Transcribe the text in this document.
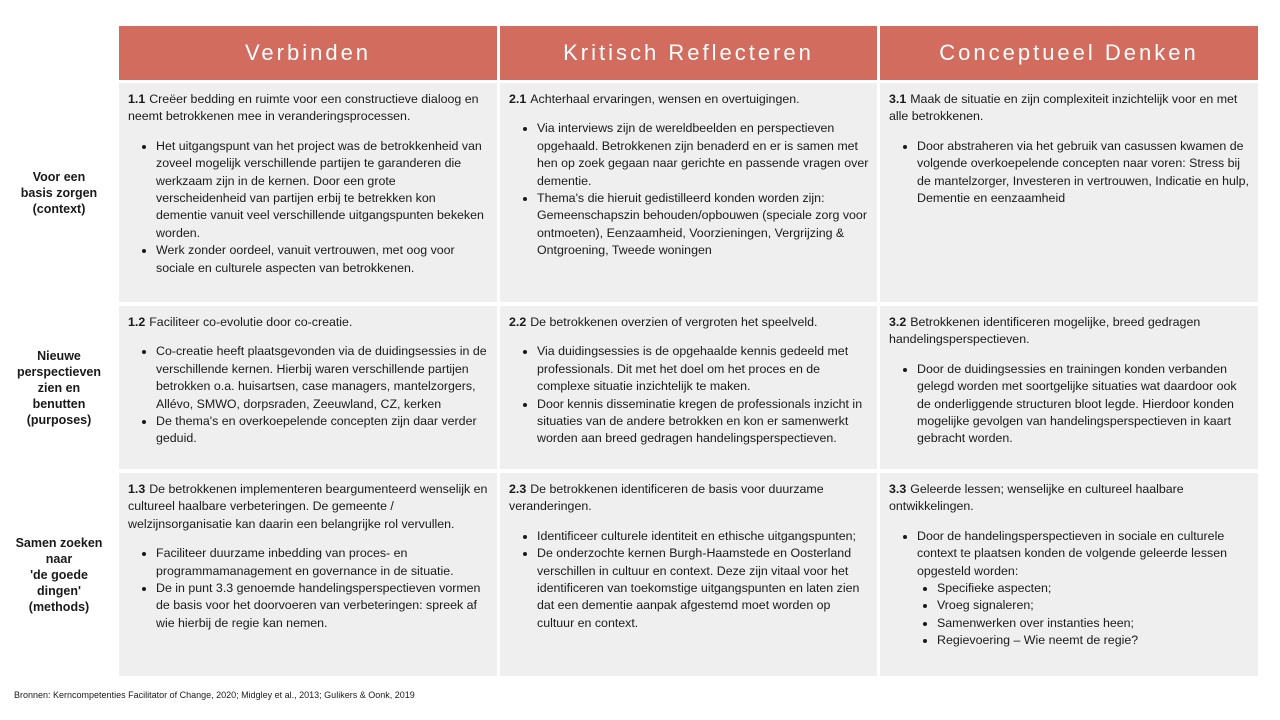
Verbinden	Kritisch Reflecteren	Conceptueel Denken
Voor een
basis zorgen
(context)

1.1 Creëer bedding en ruimte voor een constructieve dialoog en neemt betrokkenen mee in veranderingsprocessen.

• Het uitgangspunt van het project was de betrokkenheid van zoveel mogelijk verschillende partijen te garanderen die werkzaam zijn in de kernen. Door een grote verscheidenheid van partijen erbij te betrekken kon dementie vanuit veel verschillende uitgangspunten bekeken worden.
• Werk zonder oordeel, vanuit vertrouwen, met oog voor sociale en culturele aspecten van betrokkenen.

2.1 Achterhaal ervaringen, wensen en overtuigingen.

• Via interviews zijn de wereldbeelden en perspectieven opgehaald. Betrokkenen zijn benaderd en er is samen met hen op zoek gegaan naar gerichte en passende vragen over dementie.
• Thema's die hieruit gedistilleerd konden worden zijn: Gemeenschapszin behouden/opbouwen (speciale zorg voor ontmoeten), Eenzaamheid, Voorzieningen, Vergrijzing & Ontgroening, Tweede woningen

3.1 Maak de situatie en zijn complexiteit inzichtelijk voor en met alle betrokkenen.

• Door abstraheren via het gebruik van casussen kwamen de volgende overkoepelende concepten naar voren: Stress bij de mantelzorger, Investeren in vertrouwen, Indicatie en hulp, Dementie en eenzaamheid
Nieuwe
perspectieven
zien en
benutten
(purposes)

1.2 Faciliteer co-evolutie door co-creatie.

• Co-creatie heeft plaatsgevonden via de duidingsessies in de verschillende kernen. Hierbij waren verschillende partijen betrokken o.a. huisartsen, case managers, mantelzorgers, Allévo, SMWO, dorpsraden, Zeeuwland, CZ, kerken
• De thema's en overkoepelende concepten zijn daar verder geduid.

2.2 De betrokkenen overzien of vergroten het speelveld.

• Via duidingsessies is de opgehaalde kennis gedeeld met professionals. Dit met het doel om het proces en de complexe situatie inzichtelijk te maken.
• Door kennis disseminatie kregen de professionals inzicht in situaties van de andere betrokken en kon er samenwerkt worden aan breed gedragen handelingsperspectieven.

3.2 Betrokkenen identificeren mogelijke, breed gedragen handelingsperspectieven.

• Door de duidingsessies en trainingen konden verbanden gelegd worden met soortgelijke situaties wat daardoor ook de onderliggende structuren bloot legde. Hierdoor konden mogelijke gevolgen van handelingsperspectieven in kaart gebracht worden.
Samen zoeken
naar
'de goede
dingen'
(methods)

1.3 De betrokkenen implementeren beargumenteerd wenselijk en cultureel haalbare verbeteringen. De gemeente / welzijnsorganisatie kan daarin een belangrijke rol vervullen.

• Faciliteer duurzame inbedding van proces- en programmamanagement en governance in de situatie.
• De in punt 3.3 genoemde handelingsperspectieven vormen de basis voor het doorvoeren van verbeteringen: spreek af wie hierbij de regie kan nemen.

2.3 De betrokkenen identificeren de basis voor duurzame veranderingen.

• Identificeer culturele identiteit en ethische uitgangspunten;
• De onderzochte kernen Burgh-Haamstede en Oosterland verschillen in cultuur en context. Deze zijn vitaal voor het identificeren van toekomstige uitgangspunten en laten zien dat een dementie aanpak afgestemd moet worden op cultuur en context.

3.3 Geleerde lessen; wenselijke en cultureel haalbare ontwikkelingen.

• Door de handelingsperspectieven in sociale en culturele context te plaatsen konden de volgende geleerde lessen opgesteld worden:
• Specifieke aspecten;
• Vroeg signaleren;
• Samenwerken over instanties heen;
• Regievoering – Wie neemt de regie?
Bronnen: Kerncompetenties Facilitator of Change, 2020; Midgley et al., 2013; Gulikers & Oonk, 2019
